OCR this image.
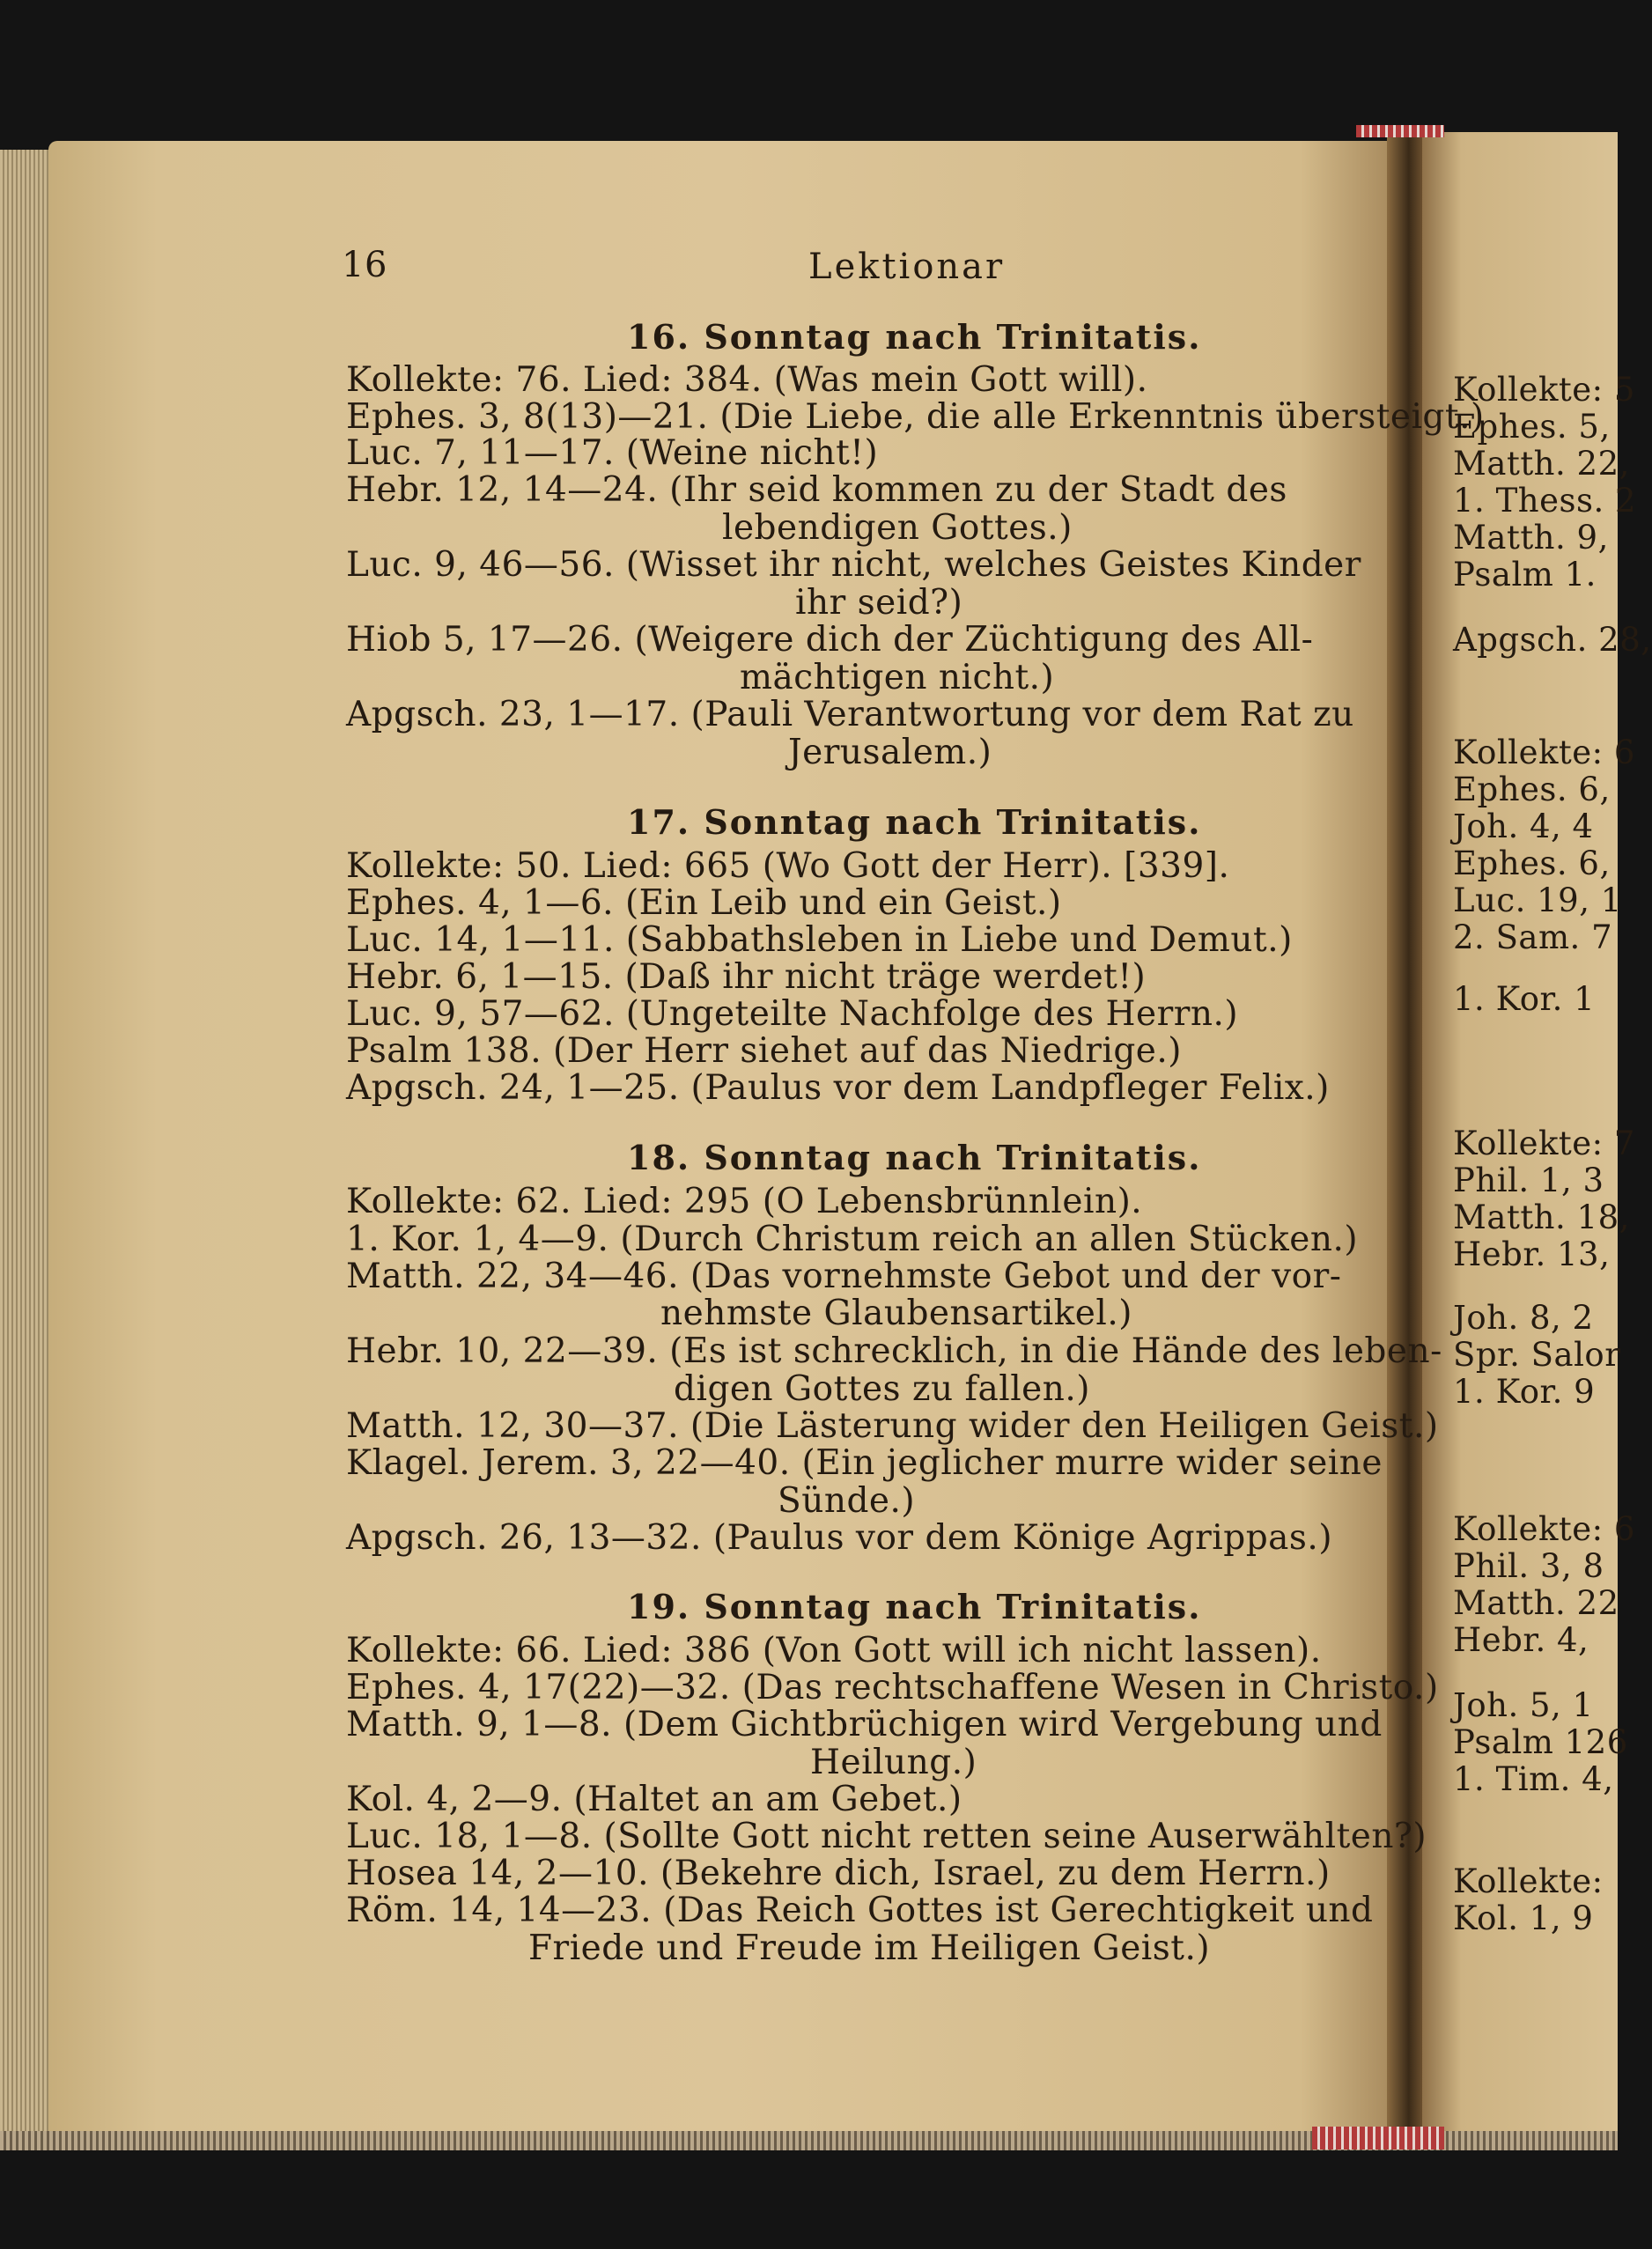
16	Lektionar
16. Sonntag nach Trinitatis.
Kollekte: 76. Lied: 384. (Was mein Gott will).
Ephes. 3, 8(13)—21. (Die Liebe, die alle Erkenntnis übersteigt.)
Luc. 7, 11—17. (Weine nicht!)
Hebr. 12, 14—24. (Ihr seid kommen zu der Stadt des
lebendigen Gottes.)
Luc. 9, 46—56. (Wisset ihr nicht, welches Geistes Kinder
ihr seid?)
Hiob 5, 17—26. (Weigere dich der Züchtigung des All-
mächtigen nicht.)
Apgsch. 23, 1—17. (Pauli Verantwortung vor dem Rat zu
Jerusalem.)
17. Sonntag nach Trinitatis.
Kollekte: 50. Lied: 665 (Wo Gott der Herr). [339].
Ephes. 4, 1—6. (Ein Leib und ein Geist.)
Luc. 14, 1—11. (Sabbathsleben in Liebe und Demut.)
Hebr. 6, 1—15. (Daß ihr nicht träge werdet!)
Luc. 9, 57—62. (Ungeteilte Nachfolge des Herrn.)
Psalm 138. (Der Herr siehet auf das Niedrige.)
Apgsch. 24, 1—25. (Paulus vor dem Landpfleger Felix.)
18. Sonntag nach Trinitatis.
Kollekte: 62. Lied: 295 (O Lebensbrünnlein).
1. Kor. 1, 4—9. (Durch Christum reich an allen Stücken.)
Matth. 22, 34—46. (Das vornehmste Gebot und der vor-
nehmste Glaubensartikel.)
Hebr. 10, 22—39. (Es ist schrecklich, in die Hände des leben-
digen Gottes zu fallen.)
Matth. 12, 30—37. (Die Lästerung wider den Heiligen Geist.)
Klagel. Jerem. 3, 22—40. (Ein jeglicher murre wider seine
Sünde.)
Apgsch. 26, 13—32. (Paulus vor dem Könige Agrippas.)
19. Sonntag nach Trinitatis.
Kollekte: 66. Lied: 386 (Von Gott will ich nicht lassen).
Ephes. 4, 17(22)—32. (Das rechtschaffene Wesen in Christo.)
Matth. 9, 1—8. (Dem Gichtbrüchigen wird Vergebung und
Heilung.)
Kol. 4, 2—9. (Haltet an am Gebet.)
Luc. 18, 1—8. (Sollte Gott nicht retten seine Auserwählten?)
Hosea 14, 2—10. (Bekehre dich, Israel, zu dem Herrn.)
Röm. 14, 14—23. (Das Reich Gottes ist Gerechtigkeit und
Friede und Freude im Heiligen Geist.)
Kollekte: 5
Ephes. 5,
Matth. 22,
1. Thess. 2
Matth. 9,
Psalm 1.
Apgsch. 28,
Kollekte: 6
Ephes. 6,
Joh. 4, 4
Ephes. 6,
Luc. 19, 1
2. Sam. 7
1. Kor. 1
Kollekte: 7
Phil. 1, 3
Matth. 18,
Hebr. 13,
Joh. 8, 2
Spr. Salor
1. Kor. 9
Kollekte: 6
Phil. 3, 8
Matth. 22
Hebr. 4,
Joh. 5, 1
Psalm 126
1. Tim. 4,
Kollekte:
Kol. 1, 9
